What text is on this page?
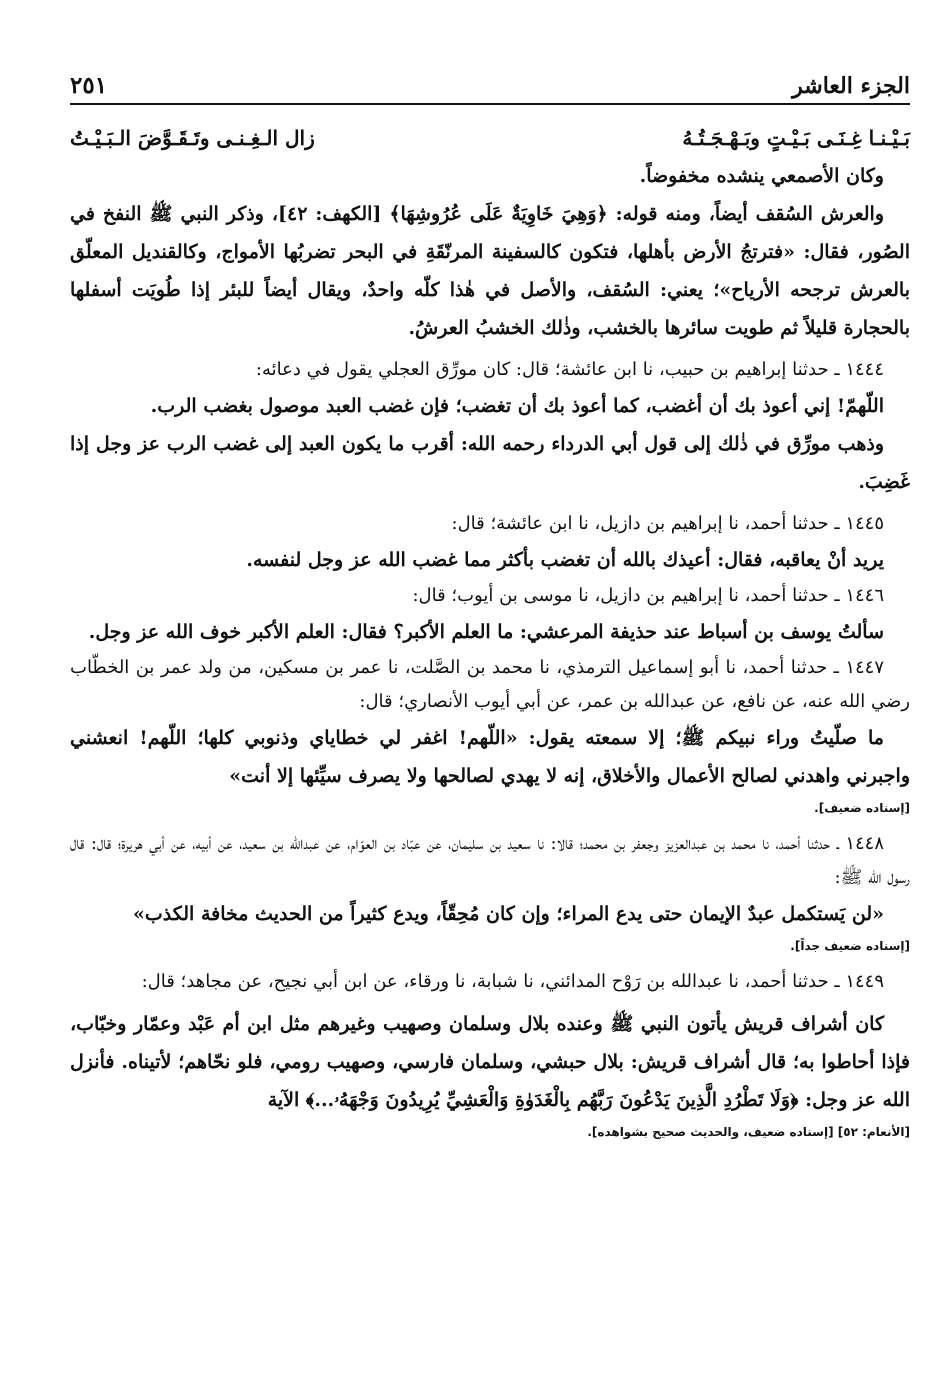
الجزء العاشر
٢٥١
بَـيْـنـا غِـنَـى بَـيْـتٍ وبَـهْـجَـتُـهُ
زال الـغِـنـى وتَـقَـوَّضَ الـبَـيْـتُ

وكان الأصمعي ينشده مخفوضاً.

والعرش السُقف أيضاً، ومنه قوله: ﴿وَهِيَ خَاوِيَةٌ عَلَى عُرُوشِهَا﴾ [الكهف: ٤٢]، وذكر النبي ﷺ النفخ في الصُور، فقال: «فترتجُ الأرض بأهلها، فتكون كالسفينة المرنّقَةِ في البحر تضربُها الأمواج، وكالقنديل المعلّق بالعرش ترجحه الأرياح»؛ يعني: السُقف، والأصل في هٰذا كلّه واحدٌ، ويقال أيضاً للبئر إذا طُويَت أسفلها بالحجارة قليلاً ثم طويت سائرها بالخشب، وذٰلك الخشبُ العرشُ.

١٤٤٤ ـ حدثنا إبراهيم بن حبيب، نا ابن عائشة؛ قال: كان مورِّق العجلي يقول في دعائه:

اللّهمّ! إني أعوذ بك أن أغضب، كما أعوذ بك أن تغضب؛ فإن غضب العبد موصول بغضب الرب.

وذهب مورِّق في ذٰلك إلى قول أبي الدرداء رحمه الله: أقرب ما يكون العبد إلى غضب الرب عز وجل إذا غَضِبَ.

١٤٤٥ ـ حدثنا أحمد، نا إبراهيم بن دازيل، نا ابن عائشة؛ قال:

يريد أنْ يعاقبه، فقال: أعيذك بالله أن تغضب بأكثر مما غضب الله عز وجل لنفسه.

١٤٤٦ ـ حدثنا أحمد، نا إبراهيم بن دازيل، نا موسى بن أيوب؛ قال:

سألتُ يوسف بن أسباط عند حذيفة المرعشي: ما العلم الأكبر؟ فقال: العلم الأكبر خوف الله عز وجل.

١٤٤٧ ـ حدثنا أحمد، نا أبو إسماعيل الترمذي، نا محمد بن الصَّلت، نا عمر بن مسكين، من ولد عمر بن الخطّاب رضي الله عنه، عن نافع، عن عبدالله بن عمر، عن أبي أيوب الأنصاري؛ قال:

ما صلّيتُ وراء نبيكم ﷺ؛ إلا سمعته يقول: «اللّهم! اغفر لي خطاياي وذنوبي كلها؛ اللّهم! انعشني واجبرني واهدني لصالح الأعمال والأخلاق، إنه لا يهدي لصالحها ولا يصرف سيِّئها إلا أنت»

[إسناده ضعيف].

١٤٤٨ ـ حدثنا أحمد، نا محمد بن عبدالعزيز وجعفر بن محمد؛ قالا: نا سعيد بن سليمان، عن عبّاد بن العوّام، عن عبدالله بن سعيد، عن أبيه، عن أبي هريرة؛ قال: قال رسول الله ﷺ:

«لن يَستكمل عبدٌ الإيمان حتى يدع المراء؛ وإن كان مُحِقّاً، ويدع كثيراً من الحديث مخافة الكذب»

[إسناده ضعيف جداً].

١٤٤٩ ـ حدثنا أحمد، نا عبدالله بن رَوْح المدائني، نا شبابة، نا ورقاء، عن ابن أبي نجيح، عن مجاهد؛ قال:

كان أشراف قريش يأتون النبي ﷺ وعنده بلال وسلمان وصهيب وغيرهم مثل ابن أم عَبْد وعمّار وخبّاب، فإذا أحاطوا به؛ قال أشراف قريش: بلال حبشي، وسلمان فارسي، وصهيب رومي، فلو نحّاهم؛ لأتيناه. فأنزل الله عز وجل: ﴿وَلَا تَطْرُدِ الَّذِينَ يَدْعُونَ رَبَّهُم بِالْغَدَوٰةِ وَالْعَشِيِّ يُرِيدُونَ وَجْهَهُۥ...﴾ الآية

[الأنعام: ٥٢] [إسناده ضعيف، والحديث صحيح بشواهده].
